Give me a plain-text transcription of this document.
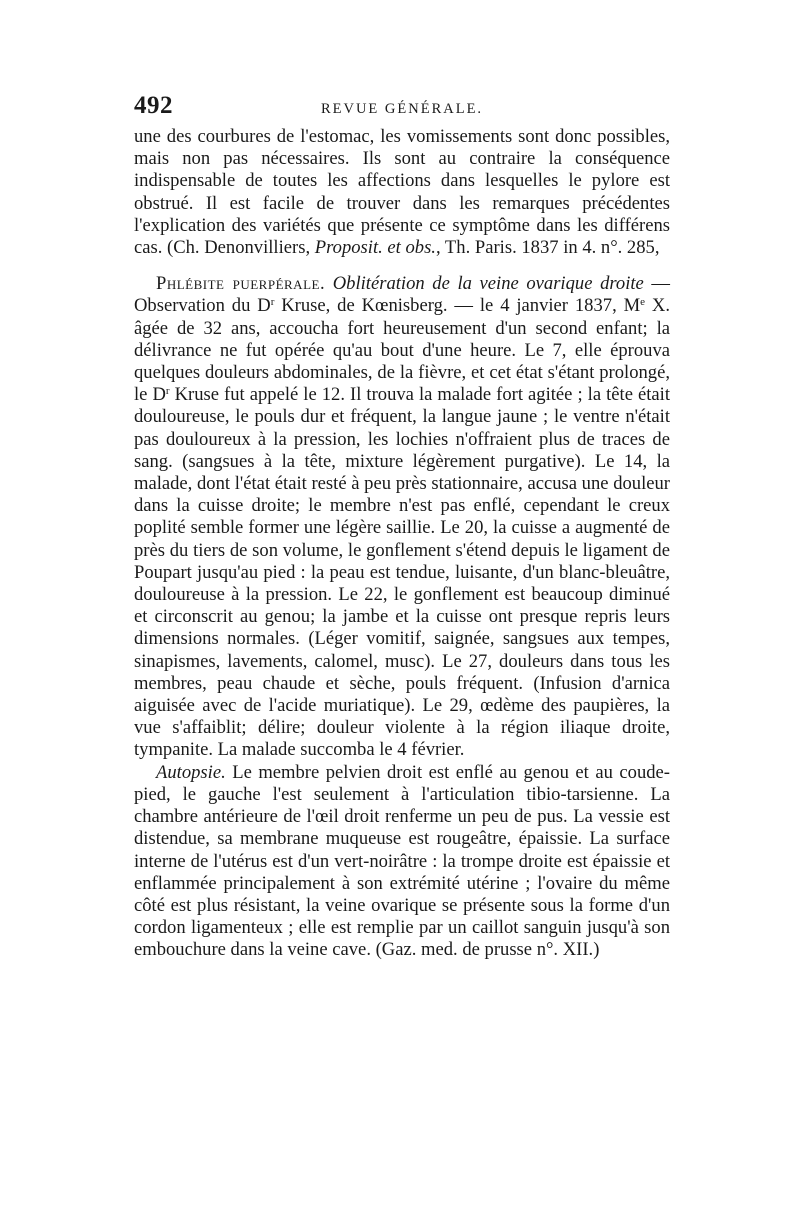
492	REVUE GÉNÉRALE.

une des courbures de l'estomac, les vomissements sont donc possibles, mais non pas nécessaires. Ils sont au contraire la conséquence indispensable de toutes les affections dans lesquelles le pylore est obstrué. Il est facile de trouver dans les remarques précédentes l'explication des variétés que présente ce symptôme dans les différens cas. (Ch. Denonvilliers, Proposit. et obs., Th. Paris. 1837 in 4. n°. 285,

Phlébite puerpérale. Oblitération de la veine ovarique droite — Observation du $D^r$ Kruse, de Kœnisberg. — le 4 janvier 1837, Me X. âgée de 32 ans, accoucha fort heureusement d'un second enfant; la délivrance ne fut opérée qu'au bout d'une heure. Le 7, elle éprouva quelques douleurs abdominales, de la fièvre, et cet état s'étant prolongé, le $D^r$ Kruse fut appelé le 12. Il trouva la malade fort agitée ; la tête était douloureuse, le pouls dur et fréquent, la langue jaune ; le ventre n'était pas douloureux à la pression, les lochies n'offraient plus de traces de sang. (sangsues à la tête, mixture légèrement purgative). Le 14, la malade, dont l'état était resté à peu près stationnaire, accusa une douleur dans la cuisse droite; le membre n'est pas enflé, cependant le creux poplité semble former une légère saillie. Le 20, la cuisse a augmenté de près du tiers de son volume, le gonflement s'étend depuis le ligament de Poupart jusqu'au pied : la peau est tendue, luisante, d'un blanc-bleuâtre, douloureuse à la pression. Le 22, le gonflement est beaucoup diminué et circonscrit au genou; la jambe et la cuisse ont presque repris leurs dimensions normales. (Léger vomitif, saignée, sangsues aux tempes, sinapismes, lavements, calomel, musc). Le 27, douleurs dans tous les membres, peau chaude et sèche, pouls fréquent. (Infusion d'arnica aiguisée avec de l'acide muriatique). Le 29, œdème des paupières, la vue s'affaiblit; délire; douleur violente à la région iliaque droite, tympanite. La malade succomba le 4 février.

Autopsie. Le membre pelvien droit est enflé au genou et au coude-pied, le gauche l'est seulement à l'articulation tibio-tarsienne. La chambre antérieure de l'œil droit renferme un peu de pus. La vessie est distendue, sa membrane muqueuse est rougeâtre, épaissie. La surface interne de l'utérus est d'un vert-noirâtre : la trompe droite est épaissie et enflammée principalement à son extrémité utérine ; l'ovaire du même côté est plus résistant, la veine ovarique se présente sous la forme d'un cordon ligamenteux ; elle est remplie par un caillot sanguin jusqu'à son embouchure dans la veine cave. (Gaz. med. de prusse n°. XII.)
